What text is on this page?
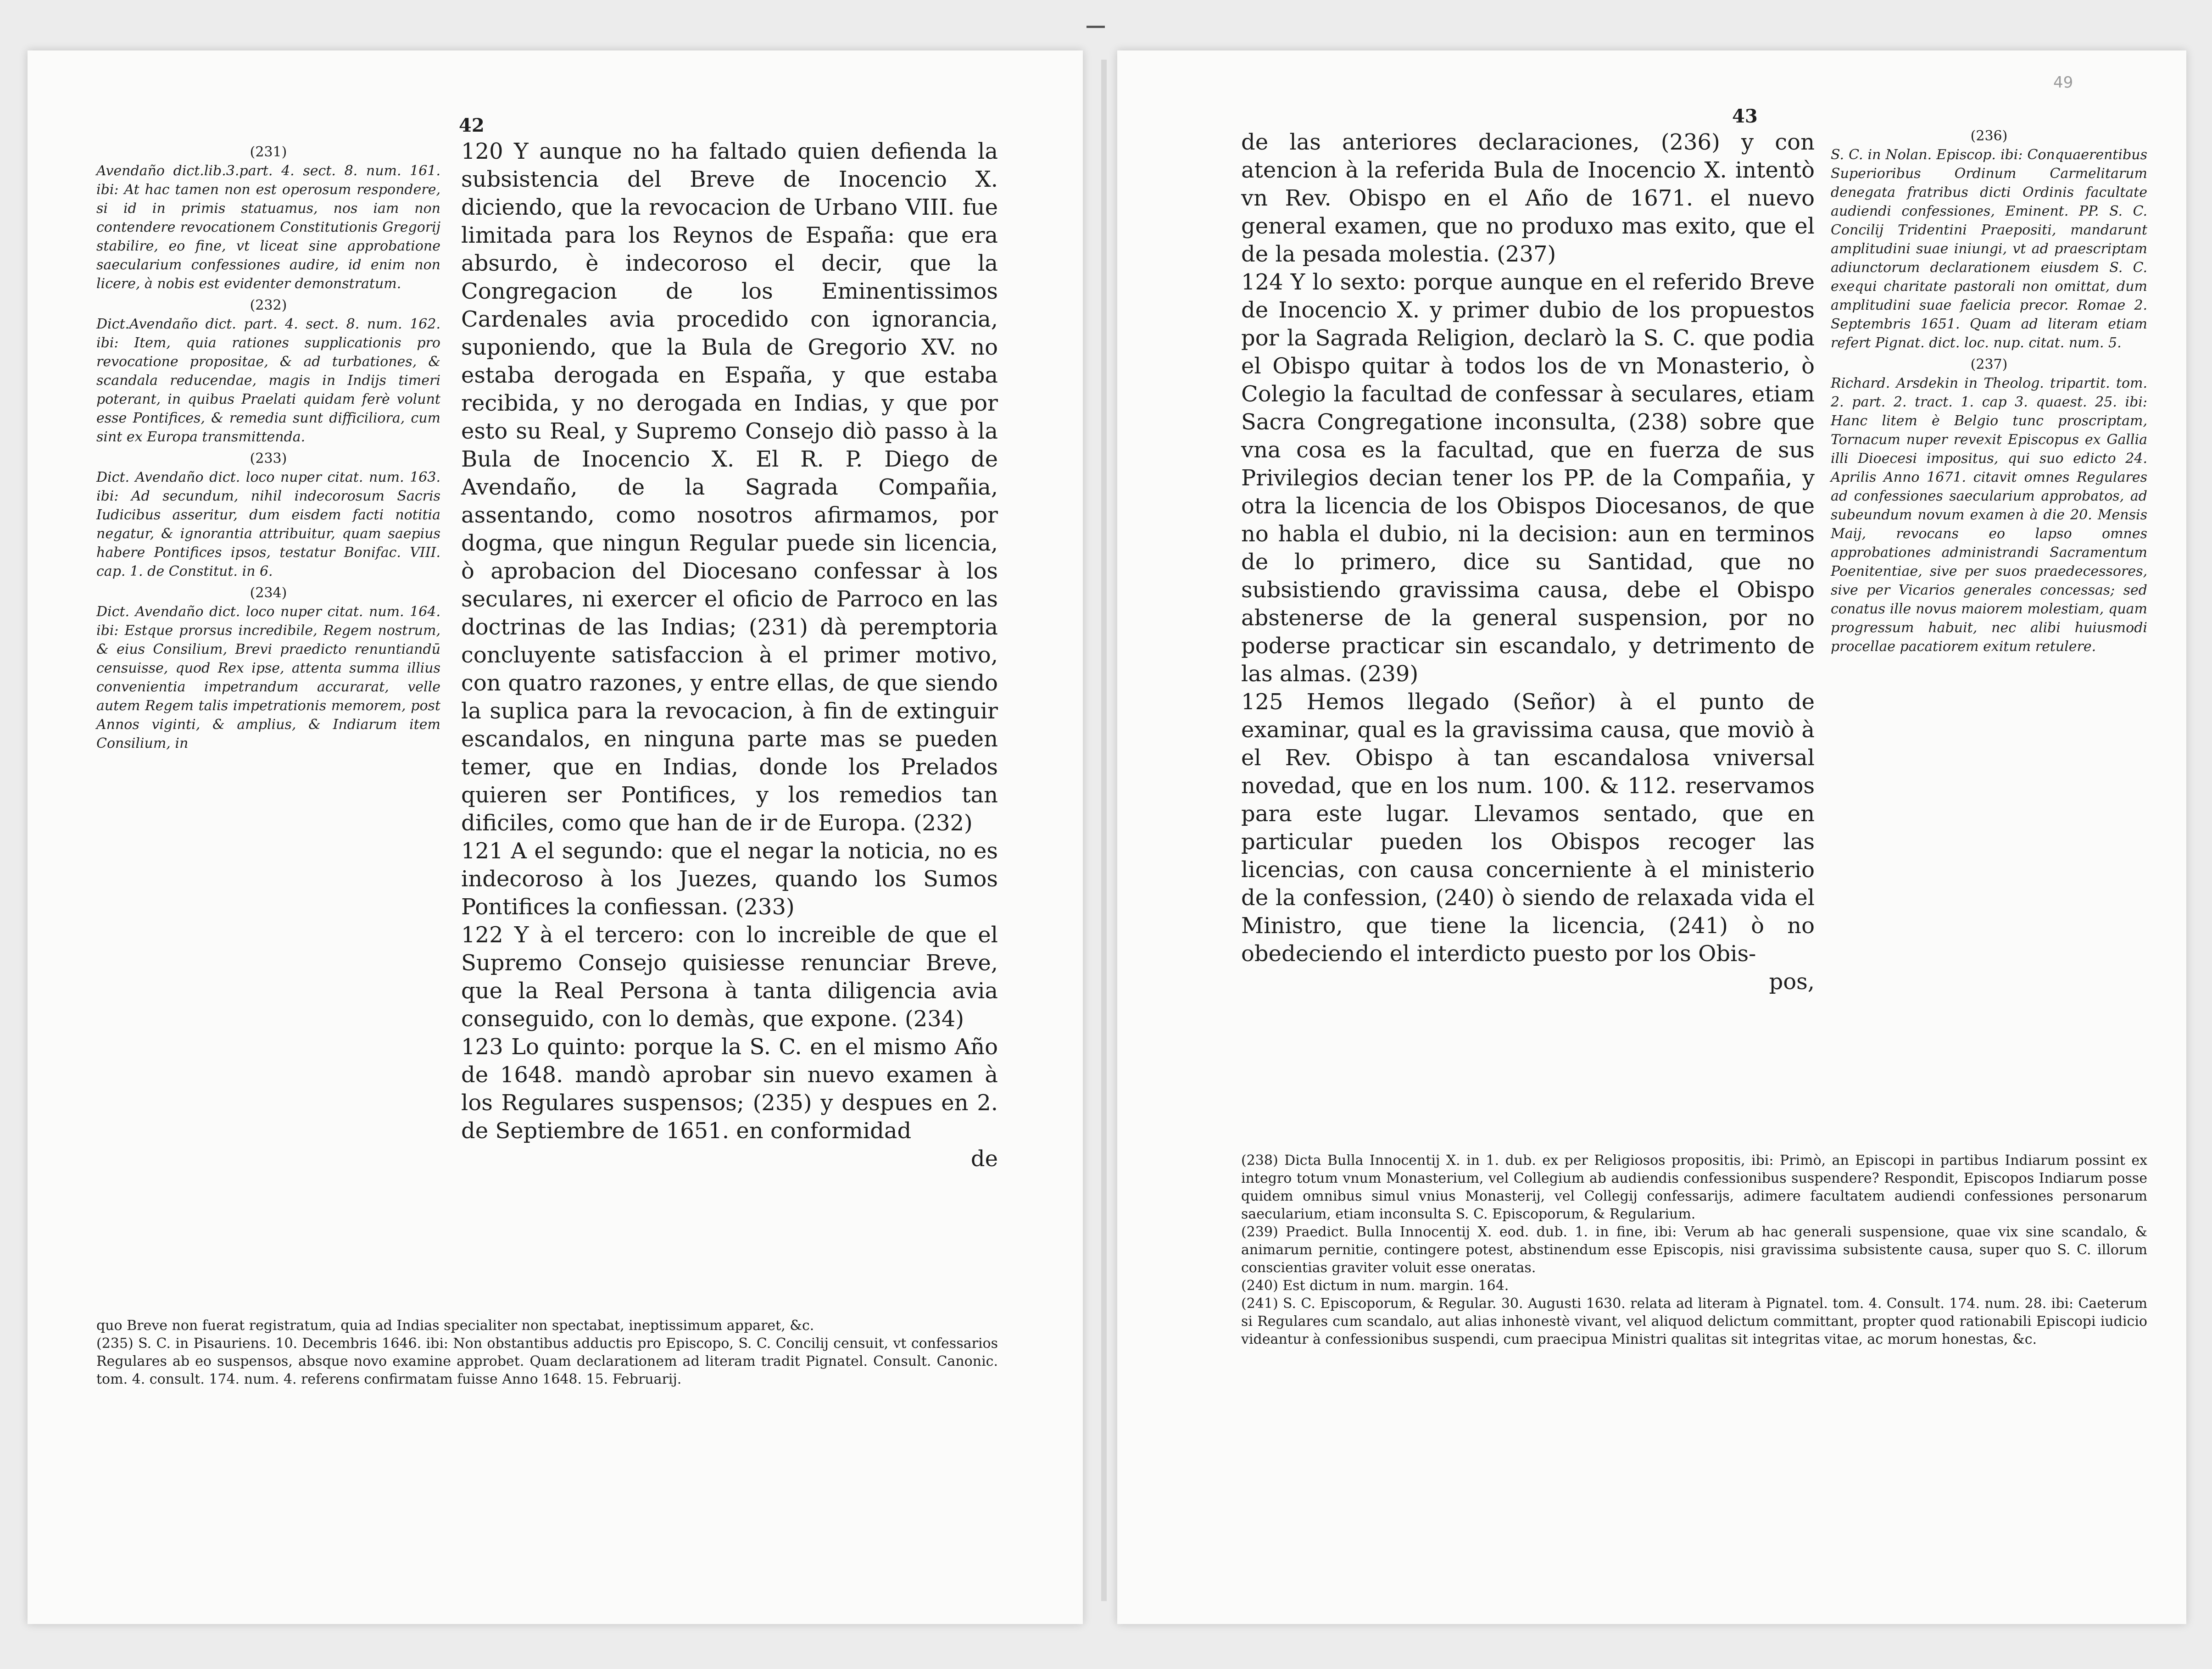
42
(231)
Avendaño dict.lib.3.part. 4. sect. 8. num. 161. ibi: At hac tamen non est operosum respondere, si id in primis statuamus, nos iam non contendere revocationem Constitutionis Gregorij stabilire, eo fine, vt liceat sine approbatione saecularium confessiones audire, id enim non licere, à nobis est evidenter demonstratum.
(232)
Dict.Avendaño dict. part. 4. sect. 8. num. 162. ibi: Item, quia rationes supplicationis pro revocatione propositae, & ad turbationes, & scandala reducendae, magis in Indijs timeri poterant, in quibus Praelati quidam ferè volunt esse Pontifices, & remedia sunt difficiliora, cum sint ex Europa transmittenda.
(233)
Dict. Avendaño dict. loco nuper citat. num. 163. ibi: Ad secundum, nihil indecorosum Sacris Iudicibus asseritur, dum eisdem facti notitia negatur, & ignorantia attribuitur, quam saepius habere Pontifices ipsos, testatur Bonifac. VIII. cap. 1. de Constitut. in 6.
(234)
Dict. Avendaño dict. loco nuper citat. num. 164. ibi: Estque prorsus incredibile, Regem nostrum, & eius Consilium, Brevi praedicto renuntiandū censuisse, quod Rex ipse, attenta summa illius convenientia impetrandum accurarat, velle autem Regem talis impetrationis memorem, post Annos viginti, & amplius, & Indiarum item Consilium, in

120 Y aunque no ha faltado quien defienda la subsistencia del Breve de Inocencio X. diciendo, que la revocacion de Urbano VIII. fue limitada para los Reynos de España: que era absurdo, è indecoroso el decir, que la Congregacion de los Eminentissimos Cardenales avia procedido con ignorancia, suponiendo, que la Bula de Gregorio XV. no estaba derogada en España, y que estaba recibida, y no derogada en Indias, y que por esto su Real, y Supremo Consejo diò passo à la Bula de Inocencio X. El R. P. Diego de Avendaño, de la Sagrada Compañia, assentando, como nosotros afirmamos, por dogma, que ningun Regular puede sin licencia, ò aprobacion del Diocesano confessar à los seculares, ni exercer el oficio de Parroco en las doctrinas de las Indias; (231) dà peremptoria concluyente satisfaccion à el primer motivo, con quatro razones, y entre ellas, de que siendo la suplica para la revocacion, à fin de extinguir escandalos, en ninguna parte mas se pueden temer, que en Indias, donde los Prelados quieren ser Pontifices, y los remedios tan dificiles, como que han de ir de Europa. (232)

121 A el segundo: que el negar la noticia, no es indecoroso à los Juezes, quando los Sumos Pontifices la confiessan. (233)

122 Y à el tercero: con lo increible de que el Supremo Consejo quisiesse renunciar Breve, que la Real Persona à tanta diligencia avia conseguido, con lo demàs, que expone. (234)

123 Lo quinto: porque la S. C. en el mismo Año de 1648. mandò aprobar sin nuevo examen à los Regulares suspensos; (235) y despues en 2. de Septiembre de 1651. en conformidad

de

quo Breve non fuerat registratum, quia ad Indias specialiter non spectabat, ineptissimum apparet, &c.

(235) S. C. in Pisauriens. 10. Decembris 1646. ibi: Non obstantibus adductis pro Episcopo, S. C. Concilij censuit, vt confessarios Regulares ab eo suspensos, absque novo examine approbet. Quam declarationem ad literam tradit Pignatel. Consult. Canonic. tom. 4. consult. 174. num. 4. referens confirmatam fuisse Anno 1648. 15. Februarij.

43
49

de las anteriores declaraciones, (236) y con atencion à la referida Bula de Inocencio X. intentò vn Rev. Obispo en el Año de 1671. el nuevo general examen, que no produxo mas exito, que el de la pesada molestia. (237)

124 Y lo sexto: porque aunque en el referido Breve de Inocencio X. y primer dubio de los propuestos por la Sagrada Religion, declarò la S. C. que podia el Obispo quitar à todos los de vn Monasterio, ò Colegio la facultad de confessar à seculares, etiam Sacra Congregatione inconsulta, (238) sobre que vna cosa es la facultad, que en fuerza de sus Privilegios decian tener los PP. de la Compañia, y otra la licencia de los Obispos Diocesanos, de que no habla el dubio, ni la decision: aun en terminos de lo primero, dice su Santidad, que no subsistiendo gravissima causa, debe el Obispo abstenerse de la general suspension, por no poderse practicar sin escandalo, y detrimento de las almas. (239)

125 Hemos llegado (Señor) à el punto de examinar, qual es la gravissima causa, que moviò à el Rev. Obispo à tan escandalosa vniversal novedad, que en los num. 100. & 112. reservamos para este lugar. Llevamos sentado, que en particular pueden los Obispos recoger las licencias, con causa concerniente à el ministerio de la confession, (240) ò siendo de relaxada vida el Ministro, que tiene la licencia, (241) ò no obedeciendo el interdicto puesto por los Obis-

pos,
(236)
S. C. in Nolan. Episcop. ibi: Conquaerentibus Superioribus Ordinum Carmelitarum denegata fratribus dicti Ordinis facultate audiendi confessiones, Eminent. PP. S. C. Concilij Tridentini Praepositi, mandarunt amplitudini suae iniungi, vt ad praescriptam adiunctorum declarationem eiusdem S. C. exequi charitate pastorali non omittat, dum amplitudini suae faelicia precor. Romae 2. Septembris 1651. Quam ad literam etiam refert Pignat. dict. loc. nup. citat. num. 5.
(237)
Richard. Arsdekin in Theolog. tripartit. tom. 2. part. 2. tract. 1. cap 3. quaest. 25. ibi: Hanc litem è Belgio tunc proscriptam, Tornacum nuper revexit Episcopus ex Gallia illi Dioecesi impositus, qui suo edicto 24. Aprilis Anno 1671. citavit omnes Regulares ad confessiones saecularium approbatos, ad subeundum novum examen à die 20. Mensis Maij, revocans eo lapso omnes approbationes administrandi Sacramentum Poenitentiae, sive per suos praedecessores, sive per Vicarios generales concessas; sed conatus ille novus maiorem molestiam, quam progressum habuit, nec alibi huiusmodi procellae pacatiorem exitum retulere.

(238) Dicta Bulla Innocentij X. in 1. dub. ex per Religiosos propositis, ibi: Primò, an Episcopi in partibus Indiarum possint ex integro totum vnum Monasterium, vel Collegium ab audiendis confessionibus suspendere? Respondit, Episcopos Indiarum posse quidem omnibus simul vnius Monasterij, vel Collegij confessarijs, adimere facultatem audiendi confessiones personarum saecularium, etiam inconsulta S. C. Episcoporum, & Regularium.

(239) Praedict. Bulla Innocentij X. eod. dub. 1. in fine, ibi: Verum ab hac generali suspensione, quae vix sine scandalo, & animarum pernitie, contingere potest, abstinendum esse Episcopis, nisi gravissima subsistente causa, super quo S. C. illorum conscientias graviter voluit esse oneratas.

(240) Est dictum in num. margin. 164.

(241) S. C. Episcoporum, & Regular. 30. Augusti 1630. relata ad literam à Pignatel. tom. 4. Consult. 174. num. 28. ibi: Caeterum si Regulares cum scandalo, aut alias inhonestè vivant, vel aliquod delictum committant, propter quod rationabili Episcopi iudicio videantur à confessionibus suspendi, cum praecipua Ministri qualitas sit integritas vitae, ac morum honestas, &c.
